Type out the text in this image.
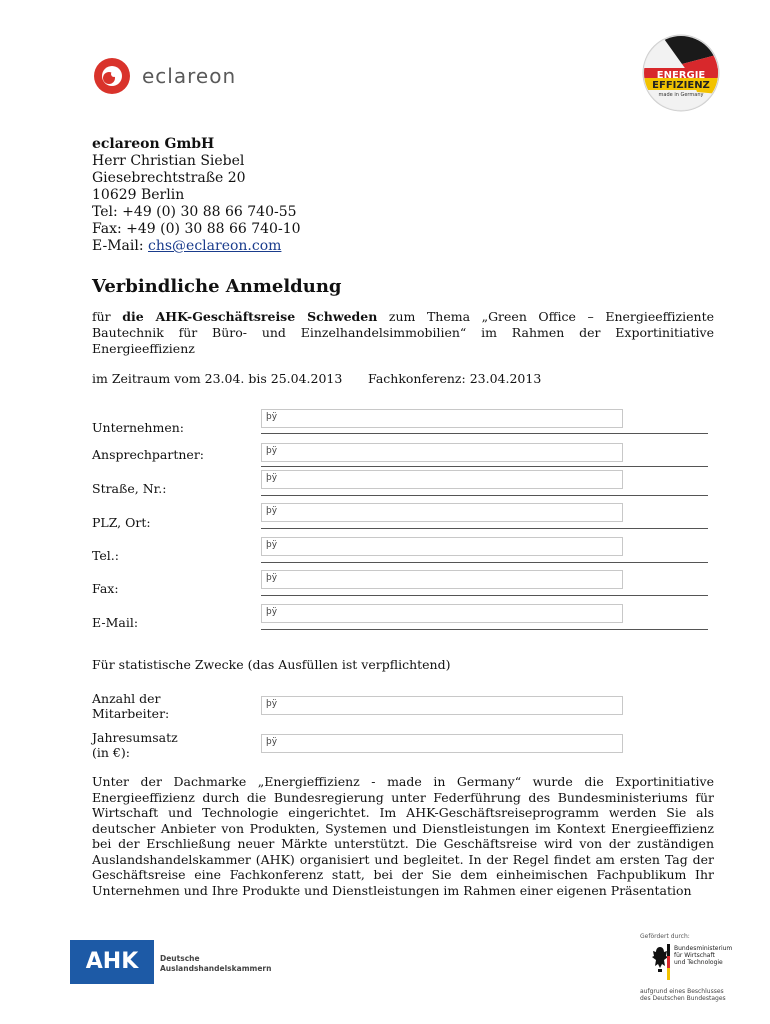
eclareon	ENERGIE
EFFIZIENZ
made in Germany
eclareon GmbH
Herr Christian Siebel
Giesebrechtstraße 20
10629 Berlin
Tel: +49 (0) 30 88 66 740-55
Fax: +49 (0) 30 88 66 740-10
E-Mail: chs@eclareon.com
Verbindliche Anmeldung
für die AHK-Geschäftsreise Schweden zum Thema „Green Office – Energieeffiziente Bautechnik für Büro- und Einzelhandelsimmobilien“ im Rahmen der Exportinitiative Energieeffizienz
im Zeitraum vom 23.04. bis 25.04.2013 Fachkonferenz: 23.04.2013
Unternehmen:
þÿ
Ansprechpartner:	þÿ
Straße, Nr.:
þÿ
PLZ, Ort:
þÿ
Tel.:
þÿ
Fax:
þÿ
E-Mail:
þÿ
Für statistische Zwecke (das Ausfüllen ist verpflichtend)
Anzahl der
Mitarbeiter:
þÿ
Jahresumsatz
(in €):
þÿ
Unter der Dachmarke „Energieffizienz - made in Germany“ wurde die Exportinitiative Energieeffizienz durch die Bundesregierung unter Federführung des Bundesministeriums für Wirtschaft und Technologie eingerichtet. Im AHK-Geschäftsreiseprogramm werden Sie als deutscher Anbieter von Produkten, Systemen und Dienstleistungen im Kontext Energieeffizienz bei der Erschließung neuer Märkte unterstützt. Die Geschäftsreise wird von der zuständigen Auslandshandelskammer (AHK) organisiert und begleitet. In der Regel findet am ersten Tag der Geschäftsreise eine Fachkonferenz statt, bei der Sie dem einheimischen Fachpublikum Ihr Unternehmen und Ihre Produkte und Dienstleistungen im Rahmen einer eigenen Präsentation
AHK	Deutsche
Auslandshandelskammern
Gefördert durch:
Bundesministerium
für Wirtschaft
und Technologie
aufgrund eines Beschlusses
des Deutschen Bundestages
